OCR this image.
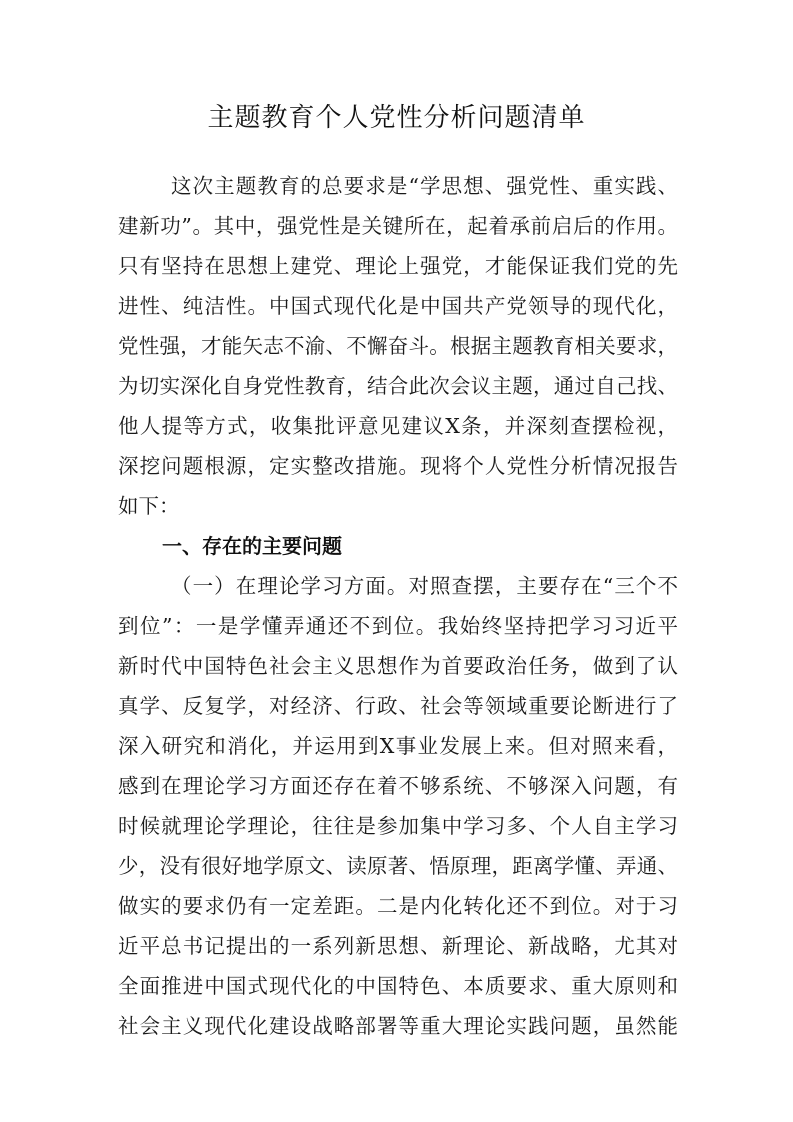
主题教育个人党性分析问题清单
这次主题教育的总要求是“学思想、强党性、重实践、
建新功”。其中，强党性是关键所在，起着承前启后的作用。
只有坚持在思想上建党、理论上强党，才能保证我们党的先
进性、纯洁性。中国式现代化是中国共产党领导的现代化，
党性强，才能矢志不渝、不懈奋斗。根据主题教育相关要求，
为切实深化自身党性教育，结合此次会议主题，通过自己找、
他人提等方式，收集批评意见建议X条，并深刻查摆检视，
深挖问题根源，定实整改措施。现将个人党性分析情况报告
如下：
一、存在的主要问题
（一）在理论学习方面。对照查摆，主要存在“三个不
到位”：一是学懂弄通还不到位。我始终坚持把学习习近平
新时代中国特色社会主义思想作为首要政治任务，做到了认
真学、反复学，对经济、行政、社会等领域重要论断进行了
深入研究和消化，并运用到X事业发展上来。但对照来看，
感到在理论学习方面还存在着不够系统、不够深入问题，有
时候就理论学理论，往往是参加集中学习多、个人自主学习
少，没有很好地学原文、读原著、悟原理，距离学懂、弄通、
做实的要求仍有一定差距。二是内化转化还不到位。对于习
近平总书记提出的一系列新思想、新理论、新战略，尤其对
全面推进中国式现代化的中国特色、本质要求、重大原则和
社会主义现代化建设战略部署等重大理论实践问题，虽然能
